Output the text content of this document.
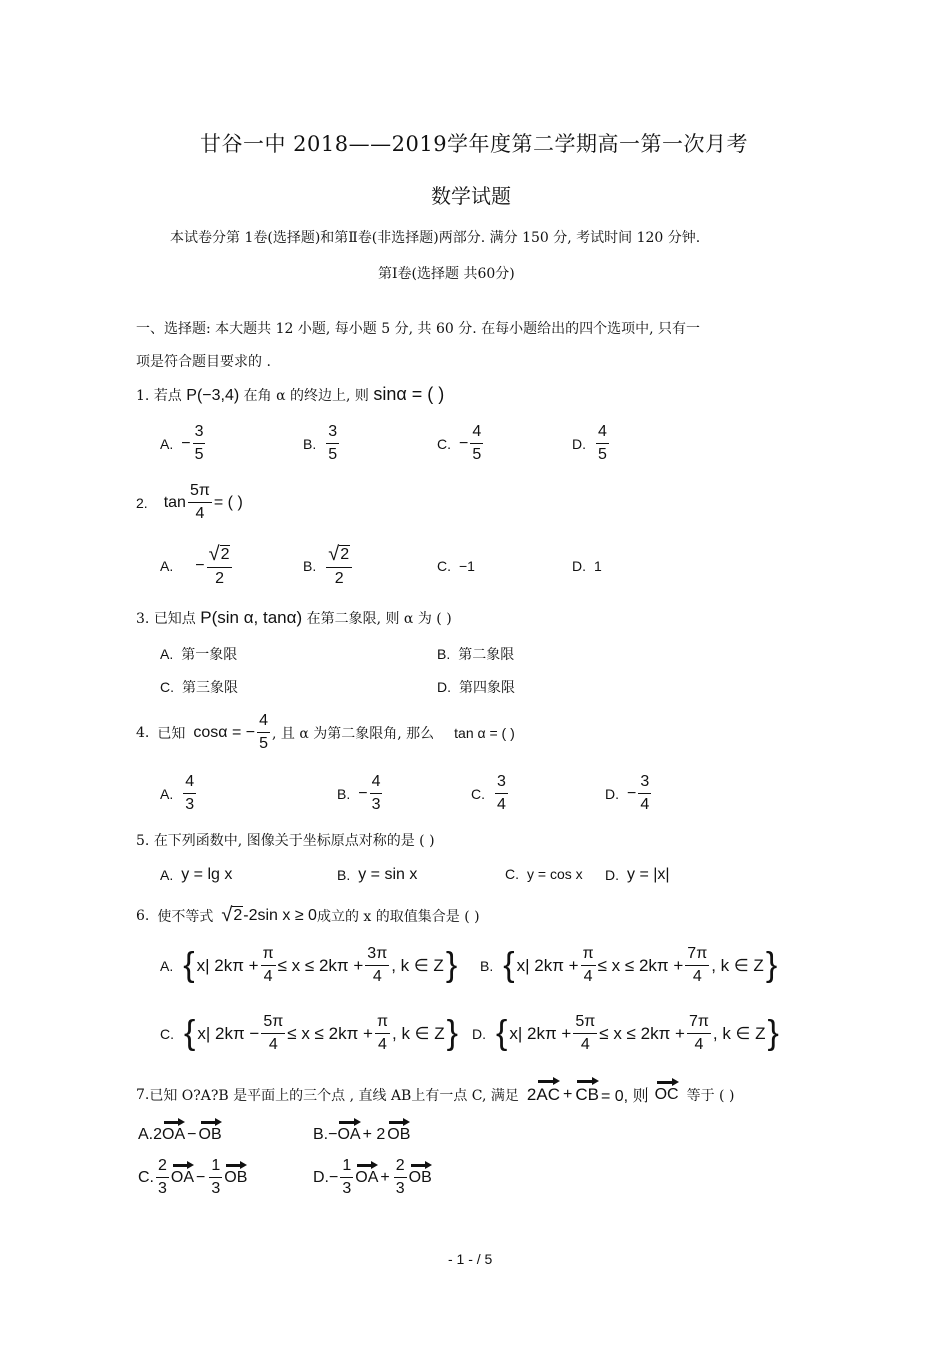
甘谷一中 2018——2019学年度第二学期高一第一次月考
数学试题
本试卷分第 1卷(选择题)和第Ⅱ卷(非选择题)两部分. 满分 150 分, 考试时间 120 分钟.
第Ⅰ卷(选择题 共60分)
一、选择题: 本大题共 12 小题, 每小题 5 分, 共 60 分. 在每小题给出的四个选项中, 只有一
项是符合题目要求的 .
1. 若点 P(−3,4) 在角 α 的终边上, 则 sinα = ( )
A. − $\frac{3}{5}$	B. $\frac{3}{5}$	C. − $\frac{4}{5}$	D. $\frac{4}{5}$
2. $\tan \frac{5\pi}{4}$ = ( )
A. − $\frac{√ 2}{2}$	B. $\frac{√ 2}{2}$	C. −1	D. 1
3. 已知点 P(sin α, tanα) 在第二象限, 则 α 为 ( )
A. 第一象限	B. 第二象限
C. 第三象限	D. 第四象限
4. 已知 cosα = − $\frac{4}{5}$ , 且 α 为第二象限角, 那么 tan α = ( )
A. $\frac{4}{3}$	B. − $\frac{4}{3}$	C. $\frac{3}{4}$	D. − $\frac{3}{4}$
5. 在下列函数中, 图像关于坐标原点对称的是 ( )
A. y = lg x	B. y = sin x	C. y = cos x D. y = |x|
6. 使不等式 √ 2 -2sin x ≥ 0 成立的 x 的取值集合是 ( )
A. { x| $2k\pi + \frac{\pi}{4} \le x \le 2k\pi + \frac{3\pi}{4}$ , k ∈ Z } B. { x| $2k\pi + \frac{\pi}{4} \le x \le 2k\pi + \frac{7\pi}{4}$ , k ∈ Z }
C. { x| $2k\pi - \frac{5\pi}{4} \le x \le 2k\pi + \frac{\pi}{4}$ , k ∈ Z } D. { x| $2k\pi + \frac{5\pi}{4} \le x \le 2k\pi + \frac{7\pi}{4}$ , k ∈ Z }
7. 已知 O?A?B 是平面上的三个点 , 直线 AB上有一点 C, 满足 2AC + CB = 0, 则 OC 等于 ( )
A. 2 OA − OB	B. − OA + 2 OB
C. $\frac{2}{3}$ OA − $\frac{1}{3}$ OB	D. − $\frac{1}{3}$ OA + $\frac{2}{3}$ OB
- 1 - / 5
